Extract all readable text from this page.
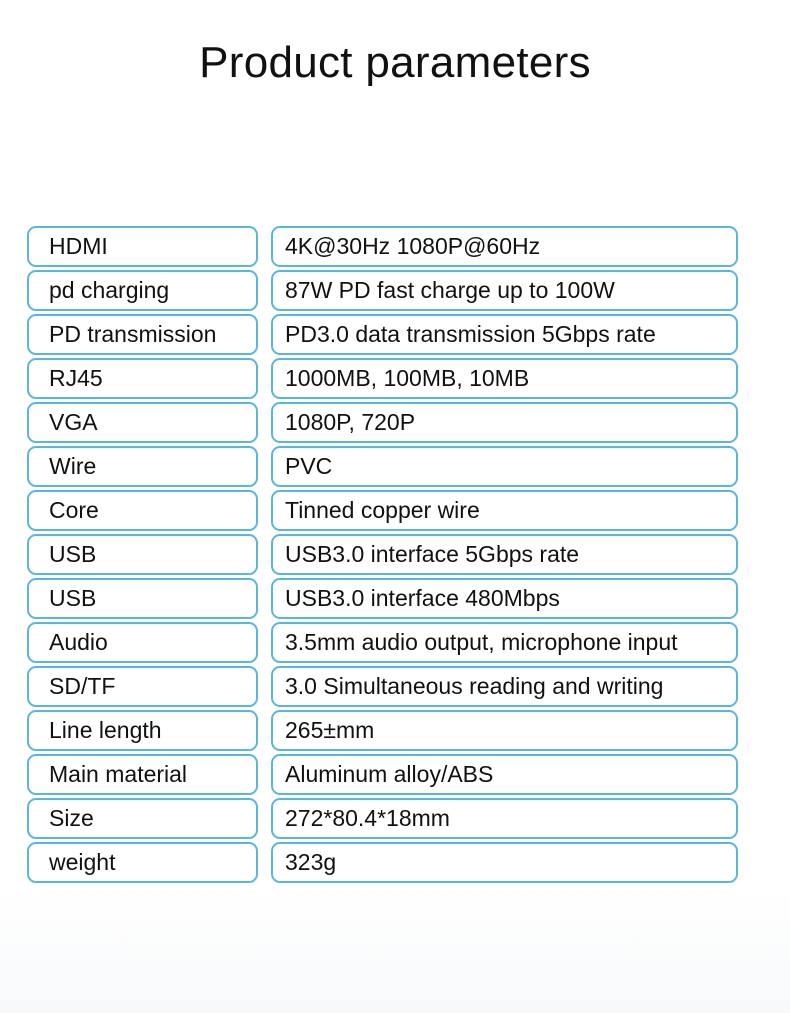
Product parameters
HDMI	4K@30Hz 1080P@60Hz
pd charging	87W PD fast charge up to 100W
PD transmission	PD3.0 data transmission 5Gbps rate
RJ45	1000MB, 100MB, 10MB
VGA	1080P, 720P
Wire	PVC
Core	Tinned copper wire
USB	USB3.0 interface 5Gbps rate
USB	USB3.0 interface 480Mbps
Audio	3.5mm audio output, microphone input
SD/TF	3.0 Simultaneous reading and writing
Line length	265±mm
Main material	Aluminum alloy/ABS
Size	272*80.4*18mm
weight	323g
